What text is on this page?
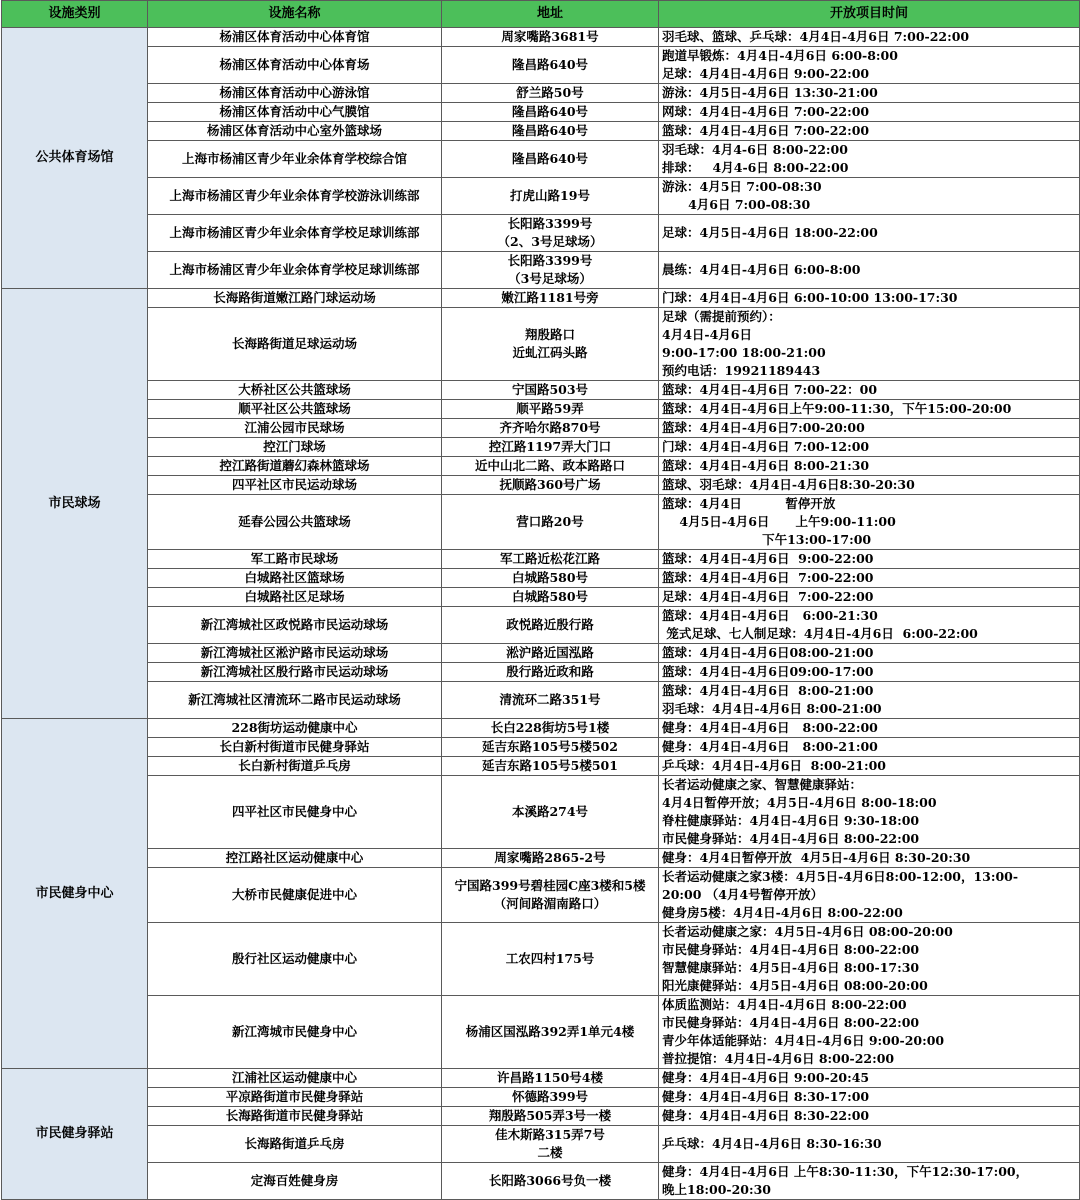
设施类别	设施名称	地址	开放项目时间
公共体育场馆	杨浦区体育活动中心体育馆	周家嘴路3681号	羽毛球、篮球、乒乓球：4月4日-4月6日 7:00-22:00
	杨浦区体育活动中心体育场	隆昌路640号	跑道早锻炼：4月4日-4月6日 6:00-8:00
足球：4月4日-4月6日 9:00-22:00
	杨浦区体育活动中心游泳馆	舒兰路50号	游泳：4月5日-4月6日 13:30-21:00
	杨浦区体育活动中心气膜馆	隆昌路640号	网球：4月4日-4月6日 7:00-22:00
	杨浦区体育活动中心室外篮球场	隆昌路640号	篮球：4月4日-4月6日 7:00-22:00
	上海市杨浦区青少年业余体育学校综合馆	隆昌路640号	羽毛球：4月4-6日 8:00-22:00
排球：   4月4-6日 8:00-22:00
	上海市杨浦区青少年业余体育学校游泳训练部	打虎山路19号	游泳：4月5日 7:00-08:30
4月6日 7:00-08:30
	上海市杨浦区青少年业余体育学校足球训练部	长阳路3399号
（2、3号足球场）	足球：4月5日-4月6日 18:00-22:00
	上海市杨浦区青少年业余体育学校足球训练部	长阳路3399号
（3号足球场）	晨练：4月4日-4月6日 6:00-8:00
市民球场	长海路街道嫩江路门球运动场	嫩江路1181号旁	门球：4月4日-4月6日 6:00-10:00 13:00-17:30
	长海路街道足球运动场	翔殷路口
近虬江码头路	足球（需提前预约）：
4月4日-4月6日
9:00-17:00 18:00-21:00
预约电话：19921189443
	大桥社区公共篮球场	宁国路503号	篮球：4月4日-4月6日 7:00-22：00
	顺平社区公共篮球场	顺平路59弄	篮球：4月4日-4月6日上午9:00-11:30，下午15:00-20:00
	江浦公园市民球场	齐齐哈尔路870号	篮球：4月4日-4月6日7:00-20:00
	控江门球场	控江路1197弄大门口	门球：4月4日-4月6日 7:00-12:00
	控江路街道蘑幻森林篮球场	近中山北二路、政本路路口	篮球：4月4日-4月6日 8:00-21:30
	四平社区市民运动球场	抚顺路360号广场	篮球、羽毛球：4月4日-4月6日8:30-20:30
	延春公园公共篮球场	营口路20号	篮球：4月4日          暂停开放
4月5日-4月6日      上午9:00-11:00
下午13:00-17:00
	军工路市民球场	军工路近松花江路	篮球：4月4日-4月6日  9:00-22:00
	白城路社区篮球场	白城路580号	篮球：4月4日-4月6日  7:00-22:00
	白城路社区足球场	白城路580号	足球：4月4日-4月6日  7:00-22:00
	新江湾城社区政悦路市民运动球场	政悦路近殷行路	篮球：4月4日-4月6日   6:00-21:30
笼式足球、七人制足球：4月4日-4月6日  6:00-22:00
	新江湾城社区淞沪路市民运动球场	淞沪路近国泓路	篮球：4月4日-4月6日08:00-21:00
	新江湾城社区殷行路市民运动球场	殷行路近政和路	篮球：4月4日-4月6日09:00-17:00
	新江湾城社区清流环二路市民运动球场	清流环二路351号	篮球：4月4日-4月6日  8:00-21:00
羽毛球：4月4日-4月6日 8:00-21:00
市民健身中心	228街坊运动健康中心	长白228街坊5号1楼	健身：4月4日-4月6日   8:00-22:00
	长白新村街道市民健身驿站	延吉东路105号5楼502	健身：4月4日-4月6日   8:00-21:00
	长白新村街道乒乓房	延吉东路105号5楼501	乒乓球：4月4日-4月6日  8:00-21:00
	四平社区市民健身中心	本溪路274号	长者运动健康之家、智慧健康驿站：
4月4日暂停开放；4月5日-4月6日 8:00-18:00
脊柱健康驿站：4月4日-4月6日 9:30-18:00
市民健身驿站：4月4日-4月6日 8:00-22:00
	控江路社区运动健康中心	周家嘴路2865-2号	健身：4月4日暂停开放  4月5日-4月6日 8:30-20:30
	大桥市民健康促进中心	宁国路399号碧桂园C座3楼和5楼
（河间路湄南路口）	长者运动健康之家3楼：4月5日-4月6日8:00-12:00，13:00-
20:00 （4月4号暂停开放）
健身房5楼：4月4日-4月6日 8:00-22:00
	殷行社区运动健康中心	工农四村175号	长者运动健康之家：4月5日-4月6日 08:00-20:00
市民健身驿站：4月4日-4月6日 8:00-22:00
智慧健康驿站：4月5日-4月6日 8:00-17:30
阳光康健驿站：4月5日-4月6日 08:00-20:00
	新江湾城市民健身中心	杨浦区国泓路392弄1单元4楼	体质监测站：4月4日-4月6日 8:00-22:00
市民健身驿站：4月4日-4月6日 8:00-22:00
青少年体适能驿站：4月4日-4月6日 9:00-20:00
普拉提馆：4月4日-4月6日 8:00-22:00
市民健身驿站	江浦社区运动健康中心	许昌路1150号4楼	健身：4月4日-4月6日 9:00-20:45
	平凉路街道市民健身驿站	怀德路399号	健身：4月4日-4月6日 8:30-17:00
	长海路街道市民健身驿站	翔殷路505弄3号一楼	健身：4月4日-4月6日 8:30-22:00
	长海路街道乒乓房	佳木斯路315弄7号
二楼	乒乓球：4月4日-4月6日 8:30-16:30
	定海百姓健身房	长阳路3066号负一楼	健身：4月4日-4月6日 上午8:30-11:30，下午12:30-17:00，
晚上18:00-20:30
